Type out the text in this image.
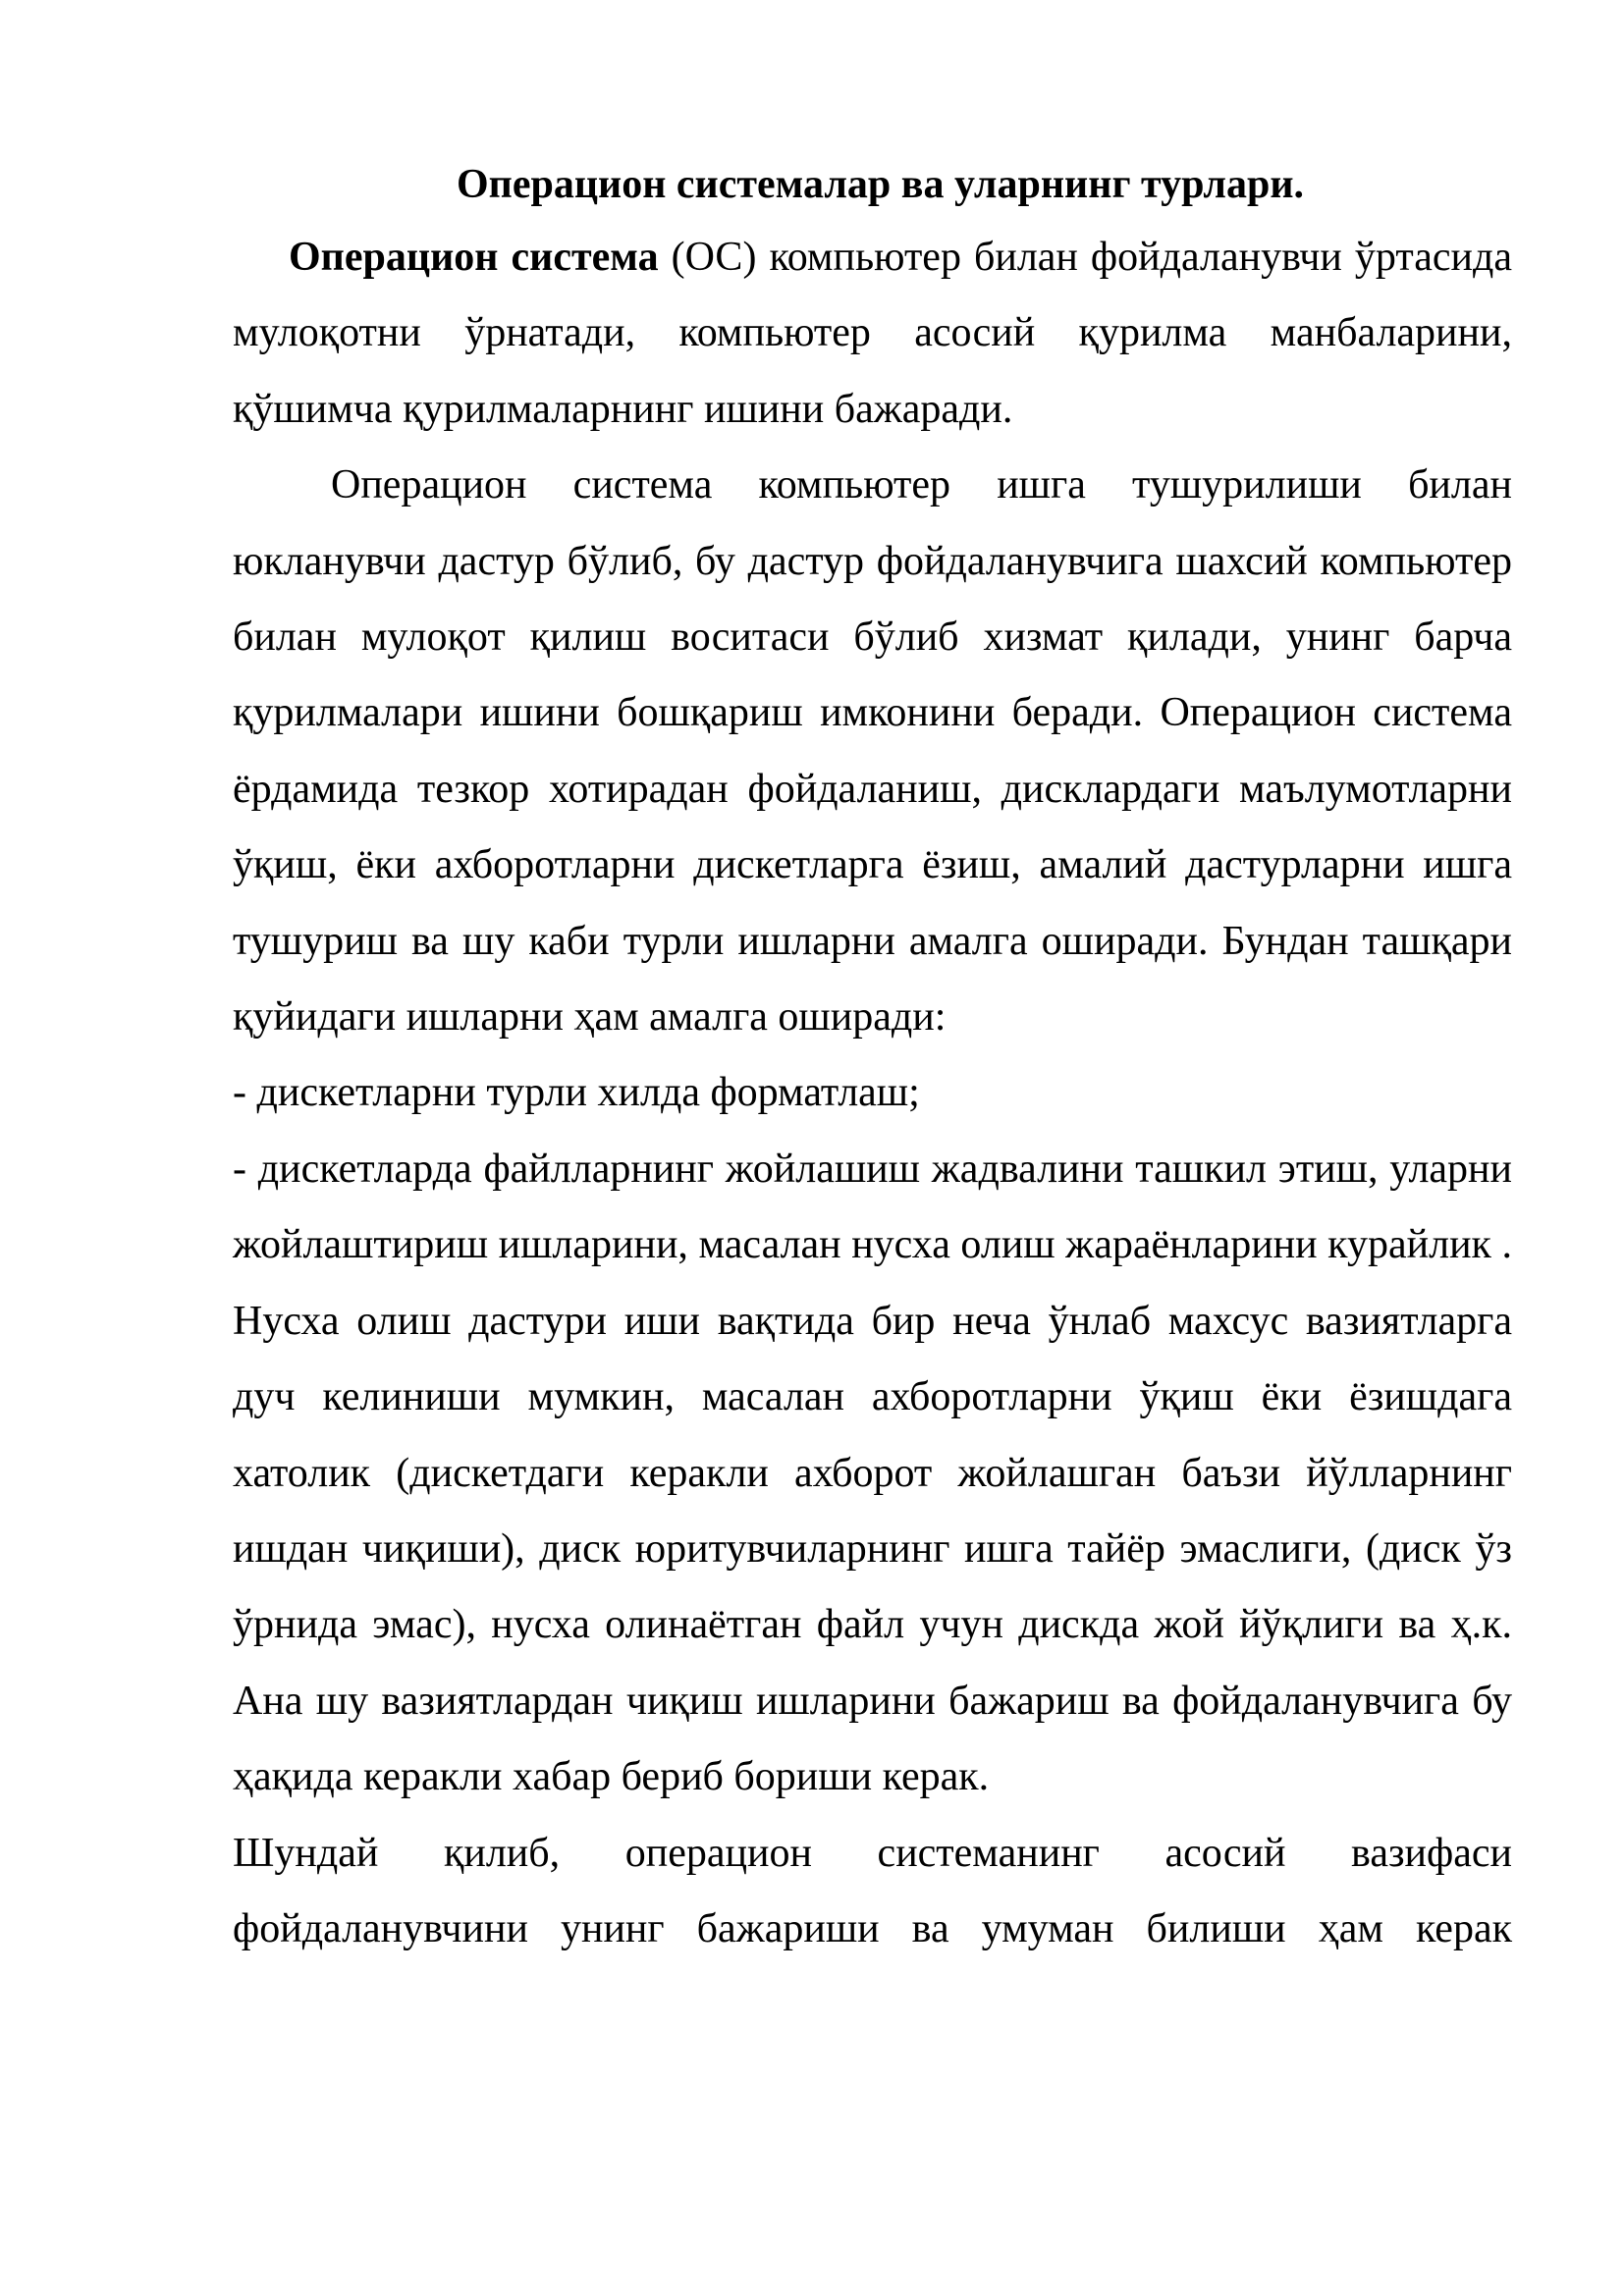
Операцион системалар ва уларнинг турлари.

Операцион система (ОС) компьютер билан фойдаланувчи ўртасида мулоқотни ўрнатади, компьютер асосий қурилма манбаларини, қўшимча қурилмаларнинг ишини бажаради.

Операцион система компьютер ишга тушурилиши билан юкланувчи дастур бўлиб, бу дастур фойдаланувчига шахсий компьютер билан мулоқот қилиш воситаси бўлиб хизмат қилади, унинг барча қурилмалари ишини бошқариш имконини беради. Операцион система ёрдамида тезкор хотирадан фойдаланиш, дисклардаги маълумотларни ўқиш, ёки ахборотларни дискетларга ёзиш, амалий дастурларни ишга тушуриш ва шу каби турли ишларни амалга оширади. Бундан ташқари қуйидаги ишларни ҳам амалга оширади:

- дискетларни турли хилда форматлаш;

- дискетларда файлларнинг жойлашиш жадвалини ташкил этиш, уларни жойлаштириш ишларини, масалан нусха олиш жараёнларини курайлик . Нусха олиш дастури иши вақтида бир неча ўнлаб махсус вазиятларга дуч келиниши мумкин, масалан ахборотларни ўқиш ёки ёзишдага хатолик (дискетдаги керакли ахборот жойлашган баъзи йўлларнинг ишдан чиқиши), диск юритувчиларнинг ишга тайёр эмаслиги, (диск ўз ўрнида эмас), нусха олинаётган файл учун дискда жой йўқлиги ва ҳ.к. Ана шу вазиятлардан чиқиш ишларини бажариш ва фойдаланувчига бу ҳақида керакли хабар бериб бориши керак.

Шундай қилиб, операцион системанинг асосий вазифаси фойдаланувчини унинг бажариши ва умуман билиши ҳам керак
